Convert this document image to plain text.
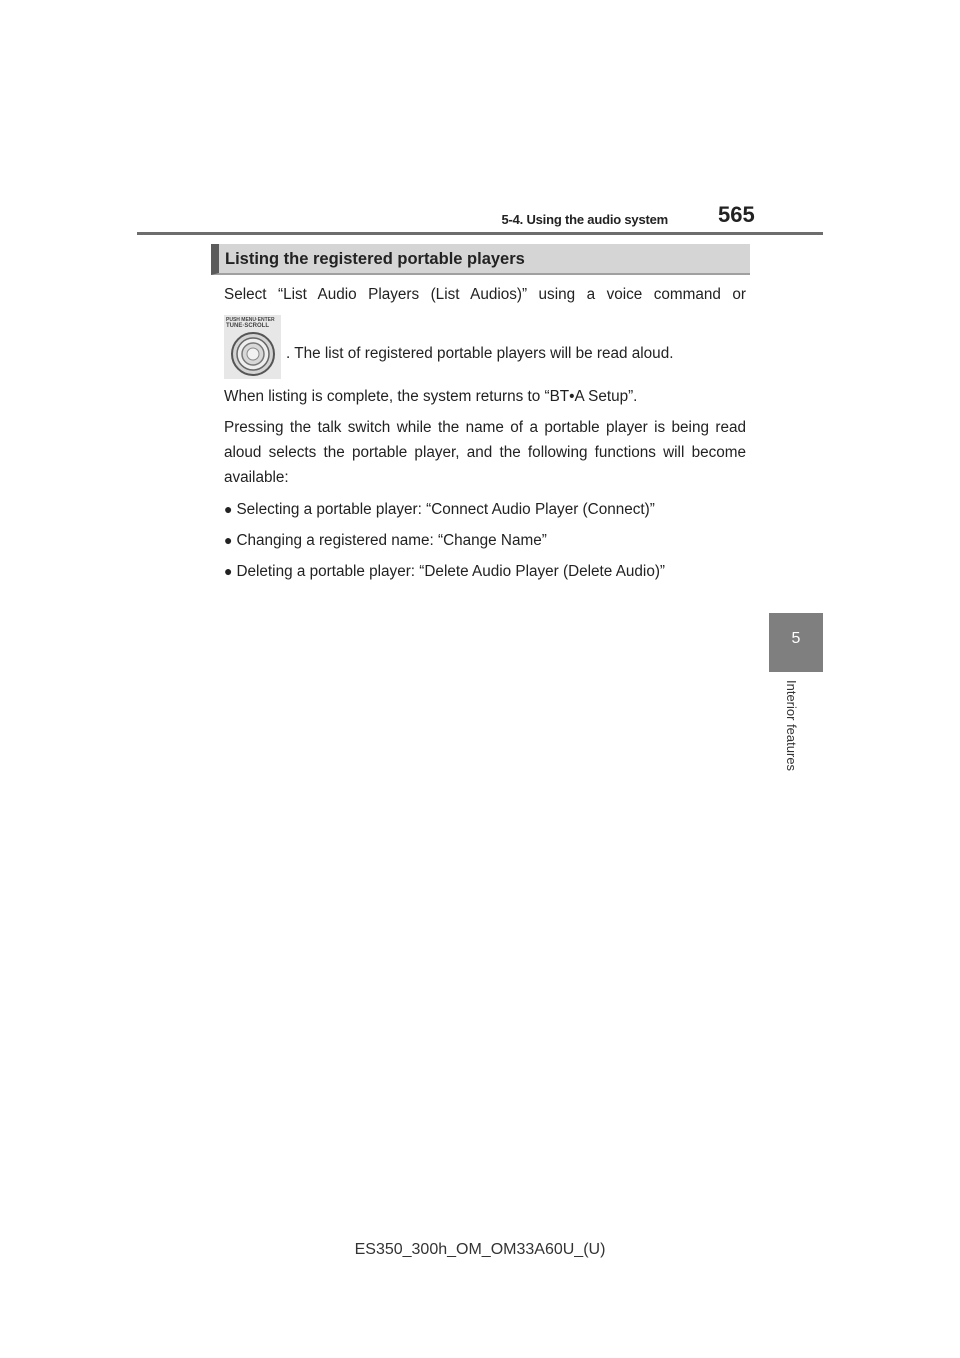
5-4. Using the audio system 565
5
Interior features
Listing the registered portable players
Select “List Audio Players (List Audios)” using a voice command or
PUSH MENU·ENTER
TUNE·SCROLL
. The list of registered portable players will be read aloud.
When listing is complete, the system returns to “BT•A Setup”.
Pressing the talk switch while the name of a portable player is being read
aloud selects the portable player, and the following functions will become
available:
● Selecting a portable player: “Connect Audio Player (Connect)”
● Changing a registered name: “Change Name”
● Deleting a portable player: “Delete Audio Player (Delete Audio)”
ES350_300h_OM_OM33A60U_(U)
